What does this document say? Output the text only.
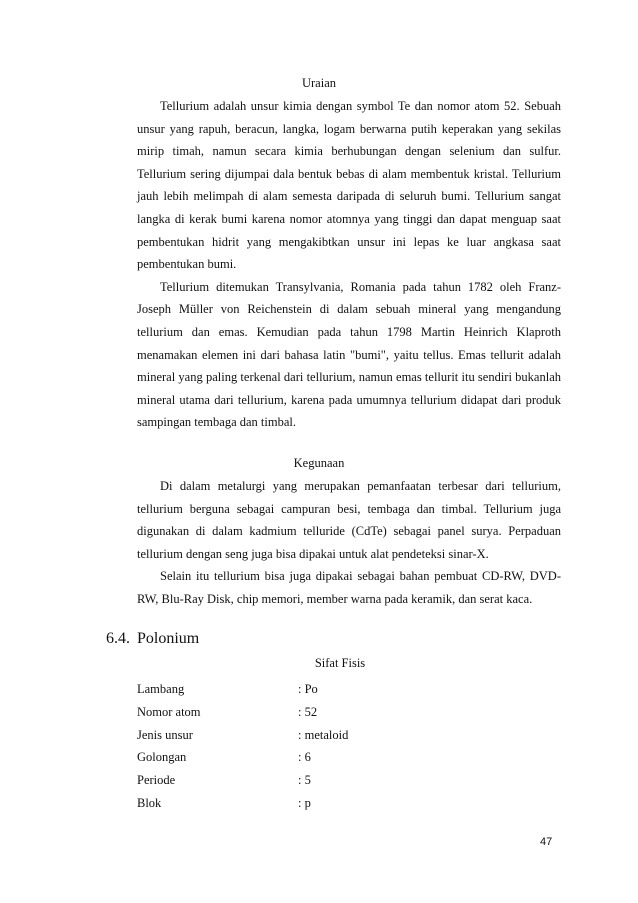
Uraian

Tellurium adalah unsur kimia dengan symbol Te dan nomor atom 52. Sebuah unsur yang rapuh, beracun, langka, logam berwarna putih keperakan yang sekilas mirip timah, namun secara kimia berhubungan dengan selenium dan sulfur. Tellurium sering dijumpai dala bentuk bebas di alam membentuk kristal. Tellurium jauh lebih melimpah di alam semesta daripada di seluruh bumi. Tellurium sangat langka di kerak bumi karena nomor atomnya yang tinggi dan dapat menguap saat pembentukan hidrit yang mengakibtkan unsur ini lepas ke luar angkasa saat pembentukan bumi.

Tellurium ditemukan Transylvania, Romania pada tahun 1782 oleh Franz-Joseph Müller von Reichenstein di dalam sebuah mineral yang mengandung tellurium dan emas. Kemudian pada tahun 1798 Martin Heinrich Klaproth menamakan elemen ini dari bahasa latin "bumi", yaitu tellus. Emas tellurit adalah mineral yang paling terkenal dari tellurium, namun emas tellurit itu sendiri bukanlah mineral utama dari tellurium, karena pada umumnya tellurium didapat dari produk sampingan tembaga dan timbal.

Kegunaan

Di dalam metalurgi yang merupakan pemanfaatan terbesar dari tellurium, tellurium berguna sebagai campuran besi, tembaga dan timbal. Tellurium juga digunakan di dalam kadmium telluride (CdTe) sebagai panel surya. Perpaduan tellurium dengan seng juga bisa dipakai untuk alat pendeteksi sinar-X.

Selain itu tellurium bisa juga dipakai sebagai bahan pembuat CD-RW, DVD-RW, Blu-Ray Disk, chip memori, member warna pada keramik, dan serat kaca.

6.4. Polonium
Sifat Fisis
Lambang	: Po
Nomor atom	: 52
Jenis unsur	: metaloid
Golongan	: 6
Periode	: 5
Blok	: p
47
